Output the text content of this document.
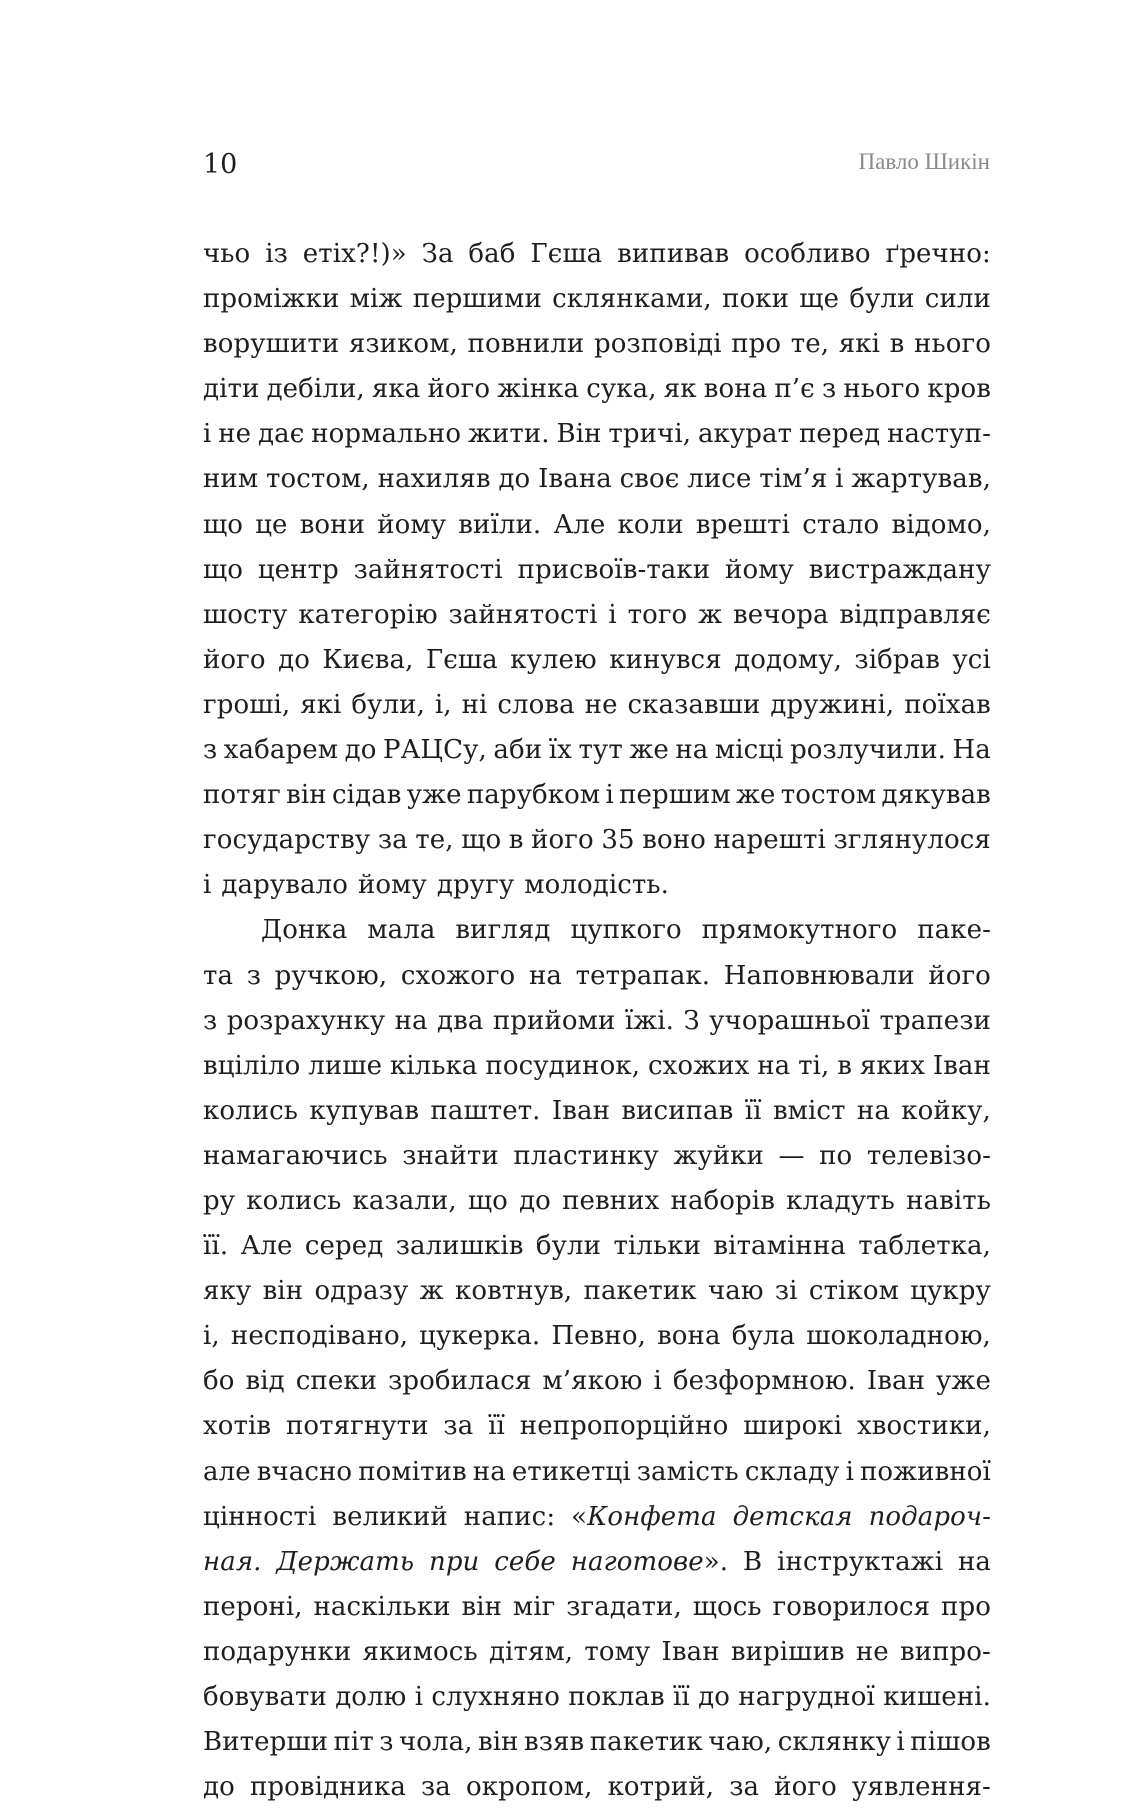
10	Павло Шикін
чьо із етіх?!)» За баб Гєша випивав особливо ґречно:
проміжки між першими склянками, поки ще були сили
ворушити язиком, повнили розповіді про те, які в нього
діти дебіли, яка його жінка сука, як вона п’є з нього кров
і не дає нормально жити. Він тричі, акурат перед наступ-
ним тостом, нахиляв до Івана своє лисе тім’я і жартував,
що це вони йому виїли. Але коли врешті стало відомо,
що центр зайнятості присвоїв-таки йому вистраждану
шосту категорію зайнятості і того ж вечора відправляє
його до Києва, Гєша кулею кинувся додому, зібрав усі
гроші, які були, і, ні слова не сказавши дружині, поїхав
з хабарем до РАЦСу, аби їх тут же на місці розлучили. На
потяг він сідав уже парубком і першим же тостом дякував
государству за те, що в його 35 воно нарешті зглянулося
і дарувало йому другу молодість.
Донка мала вигляд цупкого прямокутного паке-
та з ручкою, схожого на тетрапак. Наповнювали його
з розрахунку на два прийоми їжі. З учорашньої трапези
вціліло лише кілька посудинок, схожих на ті, в яких Іван
колись купував паштет. Іван висипав її вміст на койку,
намагаючись знайти пластинку жуйки — по телевізо-
ру колись казали, що до певних наборів кладуть навіть
її. Але серед залишків були тільки вітамінна таблетка,
яку він одразу ж ковтнув, пакетик чаю зі стіком цукру
і, несподівано, цукерка. Певно, вона була шоколадною,
бо від спеки зробилася м’якою і безформною. Іван уже
хотів потягнути за її непропорційно широкі хвостики,
але вчасно помітив на етикетці замість складу і поживної
цінності великий напис: «Конфета детская подароч-
ная. Держать при себе наготове». В інструктажі на
пероні, наскільки він міг згадати, щось говорилося про
подарунки якимось дітям, тому Іван вирішив не випро-
бовувати долю і слухняно поклав її до нагрудної кишені.
Витерши піт з чола, він взяв пакетик чаю, склянку і пішов
до провідника за окропом, котрий, за його уявлення-
